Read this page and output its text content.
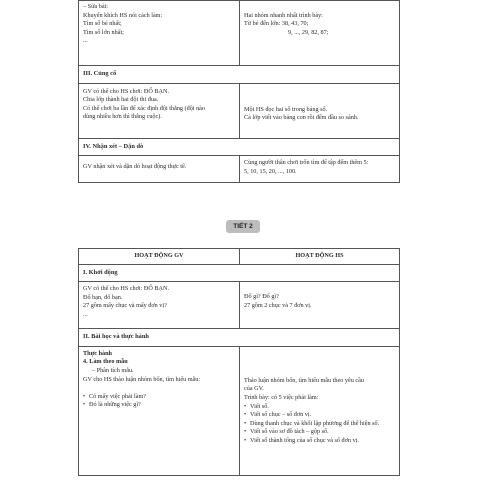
– Sửa bài:
Khuyến khích HS nói cách làm:
Tìm số bé nhất;
Tìm số lớn nhất;
...

Hai nhóm nhanh nhất trình bày:
Từ bé đến lớn: 38, 43, 70;
9, ..., 29, 82, 87;
III. Củng cố
GV có thể cho HS chơi: ĐỐ BẠN.
Chia lớp thành hai đội thi đua.
Có thể chơi ba lần để xác định đội thắng (đội nào
dùng nhiều hơn thì thắng cuộc).
Một HS đọc hai số trong bảng số.
Cả lớp viết vào bảng con rồi đếm đầu so sánh.
IV. Nhận xét – Dặn dò
GV nhận xét và dặn dò hoạt động thực tế.
Cùng người thân chơi trốn tìm để tập đếm thêm 5:
5, 10, 15, 20, ..., 100.
TIẾT 2
HOẠT ĐỘNG GV	HOẠT ĐỘNG HS
I. Khởi động
GV có thể cho HS chơi: ĐỐ BẠN.
Đố bạn, đố bạn.
27 gồm mấy chục và mấy đơn vị?
...
Đố gì? Đố gì?
27 gồm 2 chục và 7 đơn vị.
II. Bài học và thực hành
Thực hành
4. Làm theo mẫu
– Phân tích mẫu.
GV cho HS thảo luận nhóm bốn, tìm hiểu mẫu:

• Có mấy việc phải làm?
• Đó là những việc gì?
Thảo luận nhóm bốn, tìm hiểu mẫu theo yêu cầu
của GV.
Trình bày: có 5 việc phải làm:
• Viết số.
• Viết số chục – số đơn vị.
• Dùng thanh chục và khối lập phương để thể hiện số.
• Viết số vào sơ đồ tách – gộp số.
• Viết số thành tổng của số chục và số đơn vị.
